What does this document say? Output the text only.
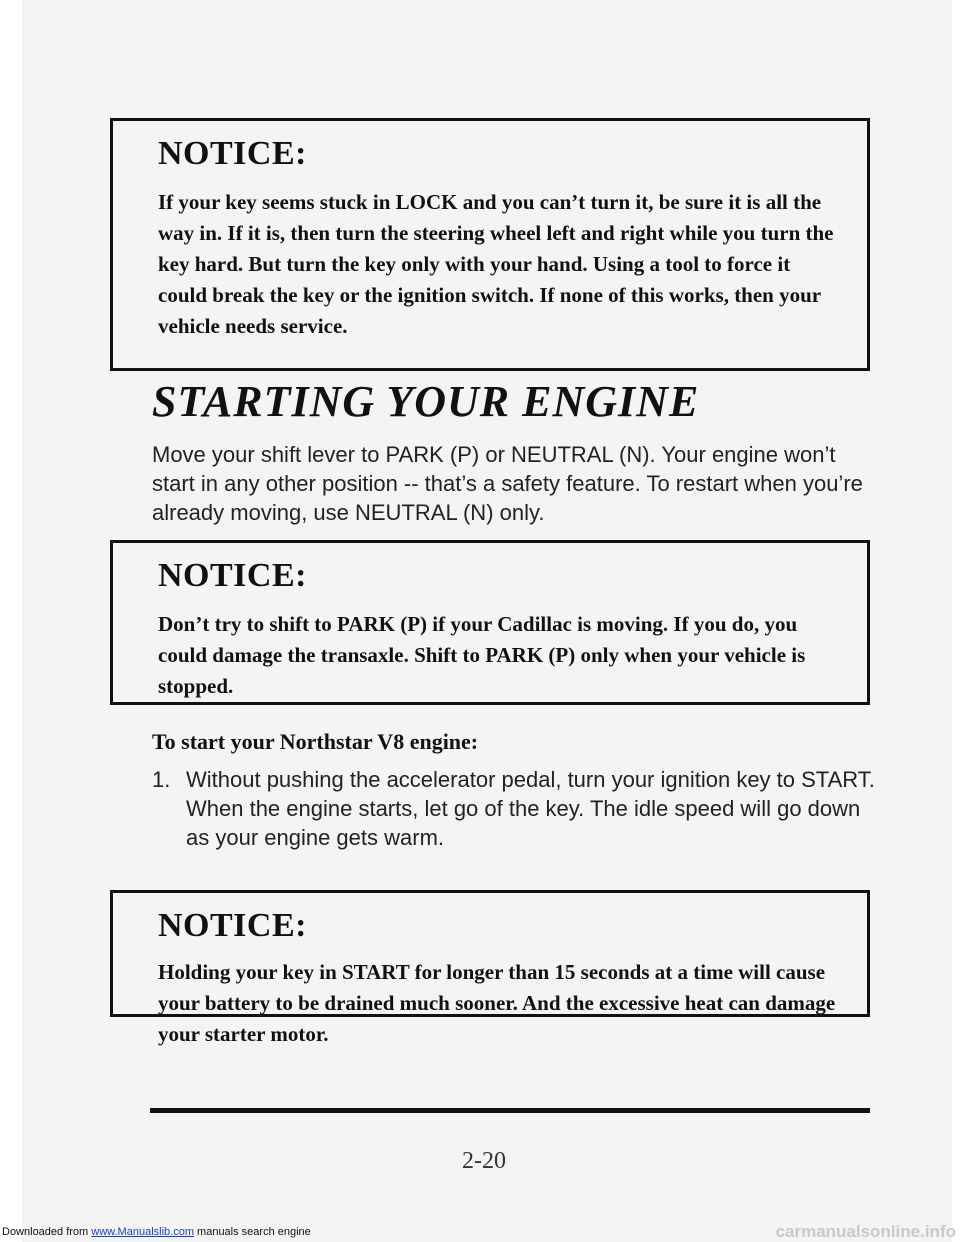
NOTICE:

If your key seems stuck in LOCK and you can’t turn it, be sure it is all the way in. If it is, then turn the steering wheel left and right while you turn the key hard. But turn the key only with your hand. Using a tool to force it could break the key or the ignition switch. If none of this works, then your vehicle needs service.

STARTING YOUR ENGINE

Move your shift lever to PARK (P) or NEUTRAL (N). Your engine won’t start in any other position -- that’s a safety feature. To restart when you’re already moving, use NEUTRAL (N) only.

NOTICE:

Don’t try to shift to PARK (P) if your Cadillac is moving. If you do, you could damage the transaxle. Shift to PARK (P) only when your vehicle is stopped.

To start your Northstar V8 engine:

1. Without pushing the accelerator pedal, turn your ignition key to START. When the engine starts, let go of the key. The idle speed will go down as your engine gets warm.

NOTICE:

Holding your key in START for longer than 15 seconds at a time will cause your battery to be drained much sooner. And the excessive heat can damage your starter motor.

2-20

Downloaded from www.Manualslib.com manuals search engine	carmanualsonline.info
